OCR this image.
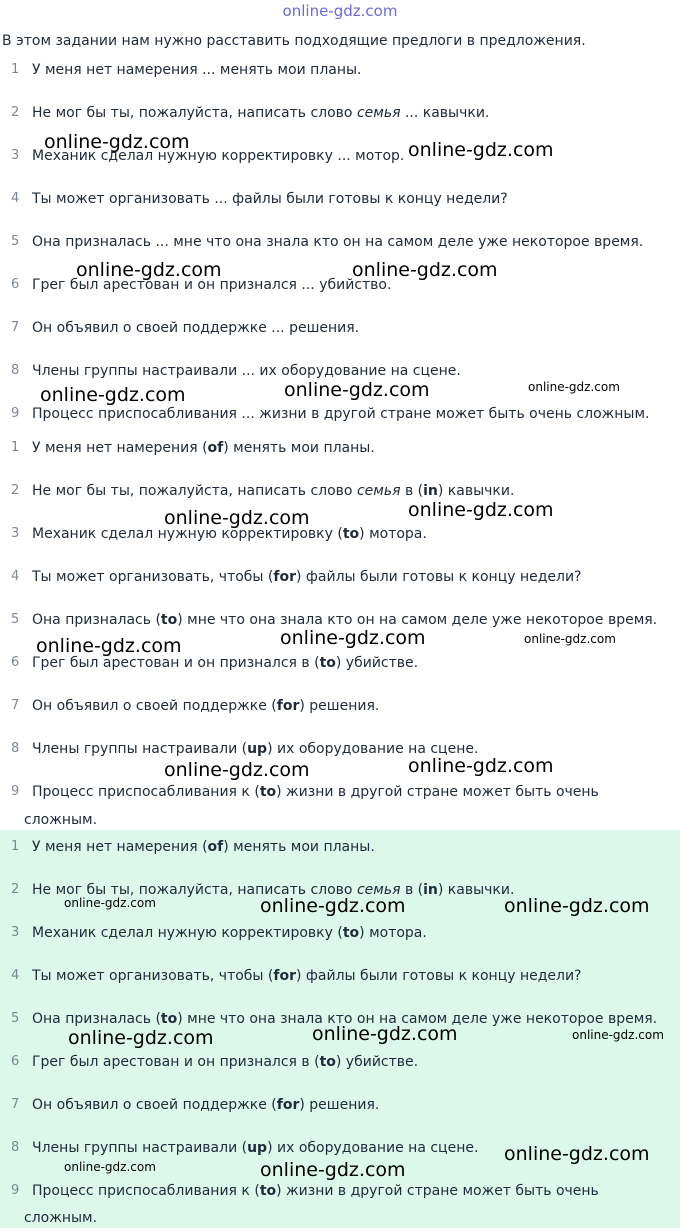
online-gdz.com
В этом задании нам нужно расставить подходящие предлоги в предложения.
1 У меня нет намерения ... менять мои планы.
2 Не мог бы ты, пожалуйста, написать слово семья ... кавычки.
3 Механик сделал нужную корректировку ... мотор.
4 Ты может организовать ... файлы были готовы к концу недели?
5 Она призналась ... мне что она знала кто он на самом деле уже некоторое время.
6 Грег был арестован и он признался ... убийство.
7 Он объявил о своей поддержке ... решения.
8 Члены группы настраивали ... их оборудование на сцене.
9 Процесс приспосабливания ... жизни в другой стране может быть очень сложным.
1 У меня нет намерения (of) менять мои планы.
2 Не мог бы ты, пожалуйста, написать слово семья в (in) кавычки.
3 Механик сделал нужную корректировку (to) мотора.
4 Ты может организовать, чтобы (for) файлы были готовы к концу недели?
5 Она призналась (to) мне что она знала кто он на самом деле уже некоторое время.
6 Грег был арестован и он признался в (to) убийстве.
7 Он объявил о своей поддержке (for) решения.
8 Члены группы настраивали (up) их оборудование на сцене.
9 Процесс приспосабливания к (to) жизни в другой стране может быть очень
сложным.
1 У меня нет намерения (of) менять мои планы.
2 Не мог бы ты, пожалуйста, написать слово семья в (in) кавычки.
3 Механик сделал нужную корректировку (to) мотора.
4 Ты может организовать, чтобы (for) файлы были готовы к концу недели?
5 Она призналась (to) мне что она знала кто он на самом деле уже некоторое время.
6 Грег был арестован и он признался в (to) убийстве.
7 Он объявил о своей поддержке (for) решения.
8 Члены группы настраивали (up) их оборудование на сцене.
9 Процесс приспосабливания к (to) жизни в другой стране может быть очень
сложным.
online-gdz.com	online-gdz.com
online-gdz.com	online-gdz.com
online-gdz.com	online-gdz.com	online-gdz.com
online-gdz.com
online-gdz.com
online-gdz.com
online-gdz.com	online-gdz.com
online-gdz.com	online-gdz.com
online-gdz.com	online-gdz.com	online-gdz.com
online-gdz.com
online-gdz.com	online-gdz.com
online-gdz.com
online-gdz.com	online-gdz.com
